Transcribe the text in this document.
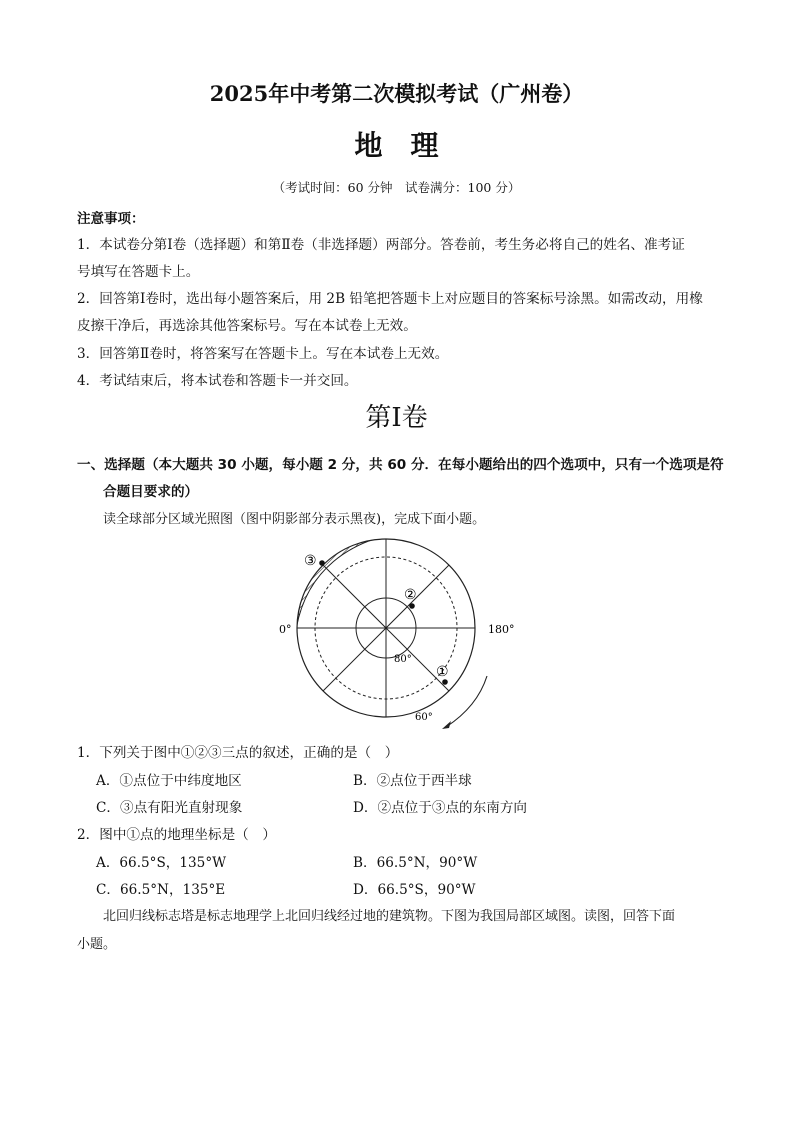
2025年中考第二次模拟考试（广州卷）
地理
（考试时间：60 分钟　试卷满分：100 分）
注意事项：
1．本试卷分第Ⅰ卷（选择题）和第Ⅱ卷（非选择题）两部分。答卷前，考生务必将自己的姓名、准考证
号填写在答题卡上。
2．回答第Ⅰ卷时，选出每小题答案后，用 2B 铅笔把答题卡上对应题目的答案标号涂黑。如需改动，用橡
皮擦干净后，再选涂其他答案标号。写在本试卷上无效。
3．回答第Ⅱ卷时，将答案写在答题卡上。写在本试卷上无效。
4．考试结束后，将本试卷和答题卡一并交回。
第Ⅰ卷
一、选择题（本大题共 30 小题，每小题 2 分，共 60 分．在每小题给出的四个选项中，只有一个选项是符
合题目要求的）
读全球部分区域光照图（图中阴影部分表示黑夜)，完成下面小题。
①
②
③
0°	180°
80°
60°
1．下列关于图中①②③三点的叙述，正确的是（　）
A．①点位于中纬度地区	B．②点位于西半球
C．③点有阳光直射现象	D．②点位于③点的东南方向
2．图中①点的地理坐标是（　）
A．66.5°S，135°W	B．66.5°N，90°W
C．66.5°N，135°E	D．66.5°S，90°W
北回归线标志塔是标志地理学上北回归线经过地的建筑物。下图为我国局部区域图。读图，回答下面
小题。
